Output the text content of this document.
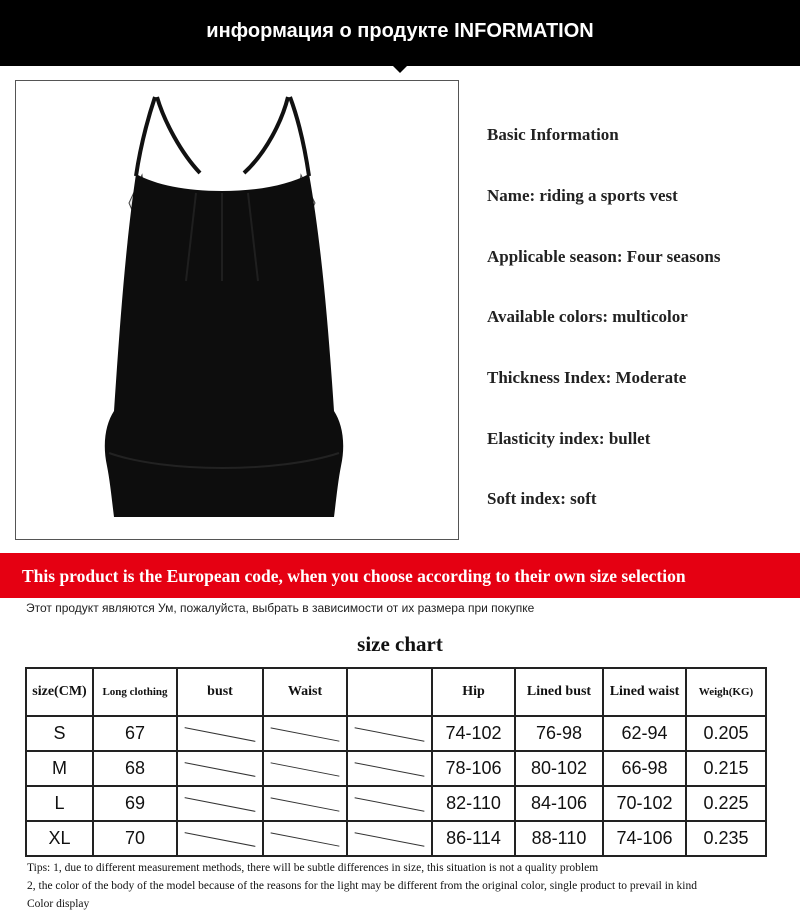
информация о продукте INFORMATION
Basic Information
Name: riding a sports vest
Applicable season: Four seasons
Available colors: multicolor
Thickness Index: Moderate
Elasticity index: bullet
Soft index: soft
This product is the European code, when you choose according to their own size selection
Этот продукт являются Ум, пожалуйста, выбрать в зависимости от их размера при покупке
size chart
size(CM)	Long clothing	bust	Waist		Hip	Lined bust	Lined waist	Weigh(KG)
S	67				74-102	76-98	62-94	0.205
M	68				78-106	80-102	66-98	0.215
L	69				82-110	84-106	70-102	0.225
XL	70				86-114	88-110	74-106	0.235
Tips: 1, due to different measurement methods, there will be subtle differences in size, this situation is not a quality problem
2, the color of the body of the model because of the reasons for the light may be different from the original color, single product to prevail in kind
Color display
